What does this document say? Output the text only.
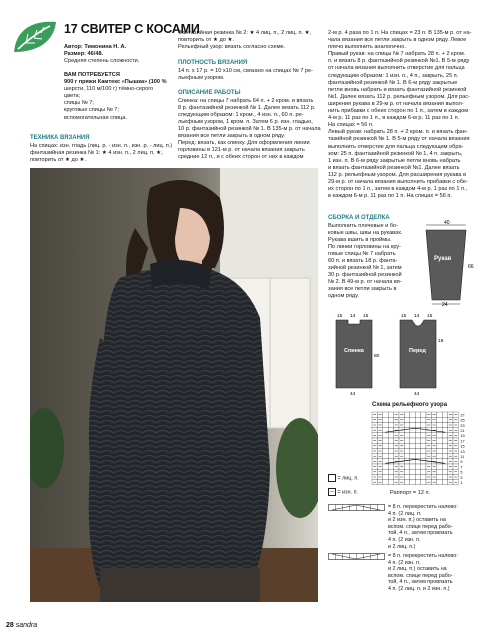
17 СВИТЕР С КОСАМИ
Автор: Тимонина Н. А.
Размер: 46/48.
Средняя степень сложности.
ВАМ ПОТРЕБУЕТСЯ
900 г пряжи Камтекс «Пышка» (100 %
шерсти, 110 м/100 г) тёмно-серого
цвета;
спицы № 7;
круговые спицы № 7;
вспомогательная спица.
ТЕХНИКА ВЯЗАНИЯ
На спицах: изн. гладь (лиц. р. - изн. п., изн. р. - лиц. п.)
фантазийная резинка № 1: ★ 4 изн. п., 2 лиц. п. ★,
повторить от ★ до ★.
Фантазийная резинка № 2: ★ 4 лиц. п., 2 лиц. п. ★,
повторить от ★ до ★.
Рельефный узор: вязать согласно схеме.
ПЛОТНОСТЬ ВЯЗАНИЯ
14 п. х 17 р. = 10 х10 см, связано на спицах № 7 ре-
льефным узором.
ОПИСАНИЕ РАБОТЫ
Спинка: на спицы 7 набрать 64 п. + 2 кром. и вязать
8 р. фантазийной резинкой № 1. Далее вязать 112 р.
следующим образом: 1 кром., 4 изн. п., 60 п. ре-
льефным узором, 1 кром. п. Затем 6 р. изн. гладью,
10 р. фантазийной резинкой № 1. В 135-м р. от начала
вязания все петли закрыть в одном ряду.
Перед: вязать, как спинку. Для оформления линии
горловины в 121-м р. от начала вязания закрыть
средние 12 п., и с обеих сторон от них в каждом
2-м р. 4 раза по 1 п. На спицах = 23 п. В 135-м р. от на-
чала вязания все петли закрыть в одном ряду. Левое
плечо выполнить аналогично.
Правый рукав: на спицы № 7 набрать 28 п. + 2 кром.
п. и вязать 8 р. фантазийной резинкой №1. В 5-м ряду
от начала вязания выполнить отверстие для пальца
следующим образом: 1 изн. п., 4 п., закрыть, 25 п.
фантазийной резинкой № 1. В 6-м ряду закрытые
петли вновь набрать и вязать фантазийной резинкой
№1. Далее вязать 112 р. рельефным узором. Для рас-
ширения рукава в 29-м р. от начала вязания выпол-
нить прибавки с обеих сторон по 1 п., затем в каждом
4-м р. 11 раз по 1 п., в каждом 6-м р. 11 раз по 1 п.
На спицах = 56 п.
Левый рукав: набрать 28 п. + 2 кром. п. и вязать фан-
тазийной резинкой № 1. В 5-м ряду от начала вязания
выполнить отверстие для пальца следующим обра-
зом: 25 п. фантазийной резинкой № 1, 4 п. закрыть,
1 изн. п. В 6-м ряду закрытые петли вновь набрать
и вязать фантазийной резинкой №1. Далее вязать
112 р. рельефным узором. Для расширения рукава в
29-м р. от начала вязания выполнить прибавки с обе-
их сторон по 1 п., затем в каждом 4-м р. 1 раз по 1 п.,
в каждом 6-м р. 11 раз по 1 п. На спицах = 56 п.
СБОРКА И ОТДЕЛКА
Выполнить плечевые и бо-
ковые швы, швы на рукавах.
Рукава вшить в проймы.
По линии горловины на кру-
говые спицы № 7 набрать
60 п. и вязать 18 р. фанта-
зийной резинкой № 1, затем
30 р. фантазийной резинкой
№ 2. В 49-м р. от начала вя-
зания все петли закрыть в
одном ряду.
40
66
24
Рукав
15 14 15
Спинка
44
80
15 14 15
Перед
44
19
Схема рельефного узора
27
25
23
21
19
17
15
13
11
9
7
5
3
1
Раппорт = 12 п.
= лиц. п.
– = изн. п.
= 8 п. перекрестить налево:
4 п. (2 лиц. п.
и 2 изн. п.) оставить на
вспом. спице перед рабо-
той, 4 п., затем провязать
4 п. (2 изн. п.
и 2 лиц. п.)
= 8 п. перекрестить налево:
4 п. (2 изн. п.
и 2 лиц. п.) оставить на
вспом. спице перед рабо-
той, 4 п., затем провязать
4 п. (2 лиц. п. и 2 изн. п.)
28 sandra
